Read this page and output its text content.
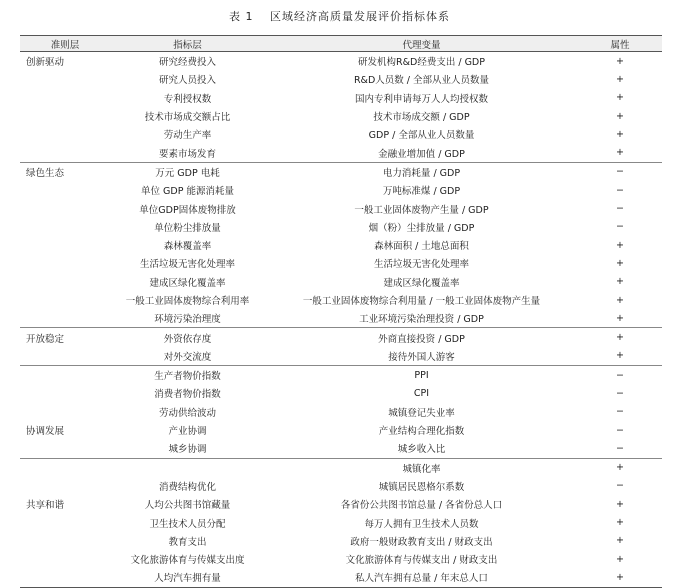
表 1 区域经济高质量发展评价指标体系
准则层	指标层	代理变量	属性
创新驱动	研究经费投入	研发机构R&D经费支出 / GDP	+
	研究人员投入	R&D人员数 / 全部从业人员数量	+
	专利授权数	国内专利申请每万人人均授权数	+
	技术市场成交额占比	技术市场成交额 / GDP	+
	劳动生产率	GDP / 全部从业人员数量	+
	要素市场发育	金融业增加值 / GDP	+
绿色生态	万元 GDP 电耗	电力消耗量 / GDP	−
	单位 GDP 能源消耗量	万吨标准煤 / GDP	−
	单位GDP固体废物排放	一般工业固体废物产生量 / GDP	−
	单位粉尘排放量	烟（粉）尘排放量 / GDP	−
	森林覆盖率	森林面积 / 土地总面积	+
	生活垃圾无害化处理率	生活垃圾无害化处理率	+
	建成区绿化覆盖率	建成区绿化覆盖率	+
	一般工业固体废物综合利用率	一般工业固体废物综合利用量 / 一般工业固体废物产生量	+
	环境污染治理度	工业环境污染治理投资 / GDP	+
开放稳定	外资依存度	外商直接投资 / GDP	+
	对外交流度	接待外国人游客	+
	生产者物价指数	PPI	−
	消费者物价指数	CPI	−
	劳动供给波动	城镇登记失业率	−
协调发展	产业协调	产业结构合理化指数	−
	城乡协调	城乡收入比	−
		城镇化率	+
	消费结构优化	城镇居民恩格尔系数	−
共享和谐	人均公共图书馆藏量	各省份公共图书馆总量 / 各省份总人口	+
	卫生技术人员分配	每万人拥有卫生技术人员数	+
	教育支出	政府一般财政教育支出 / 财政支出	+
	文化旅游体育与传媒支出度	文化旅游体育与传媒支出 / 财政支出	+
	人均汽车拥有量	私人汽车拥有总量 / 年末总人口	+
